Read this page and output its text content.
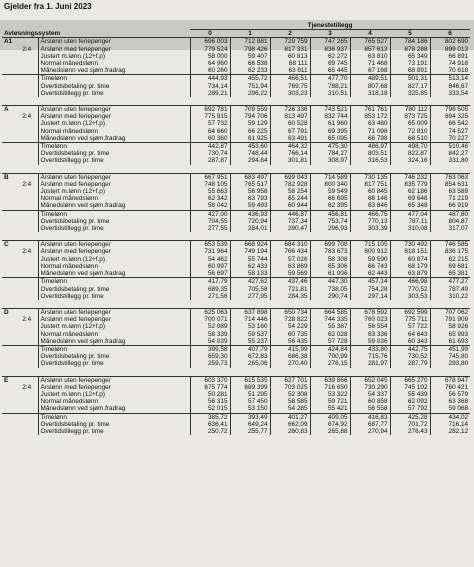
Gjelder fra 1. Juni 2023
			Tjenestetillegg						
Avløsningssystem			0	1	2	3	4	5	6
A1		Årslønn uten feriepenger	696 003	712 881	729 759	747 265	765 527	784 186	802 690
	2:4	Årslønn med feriepenger	779 524	798 426	817 331	836 937	857 613	878 288	899 013
		Justert m.lønn (12+f.p)	58 000	59 407	60 813	62 272	63 810	65 349	66 891
		Normal månedslønn	64 960	66 538	68 111	69 745	71 468	73 191	74 918
		Månedslønn ved sjøm.fradrag	60 260	62 233	63 811	65 445	67 168	68 891	70 618
		Timelønn	444,93	455,72	466,51	477,70	489,51	501,31	513,14
		Overtidsbetaling pr. time	734,14	751,94	769,75	788,21	807,68	827,17	846,67
		Overtidstillegg pr. time	289,21	296,22	303,23	310,51	318,18	325,85	333,54

A		Årslønn uten feriepenger	692 781	709 559	726 336	743 521	761 761	780 112	798 505
	2:4	Årslønn med feriepenger	775 915	794 706	813 497	832 744	853 172	873 725	894 325
		Justert m.lønn (12+f.p)	57 732	59 129	60 528	61 960	63 480	65 009	66 542
		Normal månedslønn	64 660	66 225	67 791	69 395	71 098	72 810	74 527
		Månedslønn ved sjøm.fradrag	60 360	61 925	63 491	65 095	66 798	68 510	70 227
		Timelønn	442,87	453,60	464,32	475,30	486,97	498,70	510,46
		Overtidsbetaling pr. time	730,74	748,44	766,14	784,27	803,51	822,87	842,27
		Overtidstillegg pr. time	287,87	294,84	301,81	308,97	316,53	324,16	331,80

B		Årslønn uten feriepenger	667 951	683 497	699 043	714 589	730 135	746 232	763 063
	2:4	Årslønn med feriepenger	748 105	765 517	782 928	800 340	817 751	835 779	854 631
		Justert m.lønn (12+f.p)	55 663	56 958	58 254	59 549	60 845	62 186	63 589
		Normal månedslønn	62 342	63 793	65 244	66 695	68 146	69 648	71 219
		Månedslønn ved sjøm.fradrag	58 042	59 493	60 944	62 395	63 846	65 348	66 919
		Timelønn	427,00	436,93	446,87	456,81	466,75	477,04	487,80
		Overtidsbetaling pr. time	704,55	720,94	737,34	753,74	770,13	787,11	804,87
		Overtidstillegg pr. time	277,55	284,01	290,47	296,93	303,39	310,08	317,07

C		Årslønn uten feriepenger	653 539	668 924	684 310	699 708	715 105	730 492	746 585
	2:4	Årslønn med feriepenger	731 964	749 194	766 434	783 673	800 912	818 151	836 175
		Justert m.lønn (12+f.p)	54 462	55 744	57 026	58 308	59 590	60 874	62 215
		Normal månedslønn	60 997	62 433	63 869	65 306	66 743	68 179	69 681
		Månedslønn ved sjøm.fradrag	56 697	58 133	59 569	61 006	62 443	63 879	65 381
		Timelønn	417,79	427,62	437,46	447,30	457,14	466,98	477,27
		Overtidsbetaling pr. time	689,35	705,58	721,81	738,05	754,28	770,52	787,49
		Overtidstillegg pr. time	271,56	277,95	284,35	290,74	297,14	303,53	310,22

D		Årslønn uten feriepenger	625 063	637 898	650 734	664 585	678 592	692 599	707 062
	2:4	Årslønn med feriepenger	700 071	714 446	728 822	744 335	760 023	775 711	791 909
		Justert m.lønn (12+f.p)	52 089	53 160	54 229	55 387	56 554	57 722	58 926
		Normal månedslønn	58 339	59 537	60 735	62 028	63 336	64 643	65 993
		Månedslønn ved sjøm.fradrag	54 039	55 237	56 435	57 728	59 036	60 343	61 693
		Timelønn	399,58	407,79	415,99	424,84	433,80	442,75	451,99
		Overtidsbetaling pr. time	659,30	672,83	686,38	700,99	715,76	730,52	745,80
		Overtidstillegg pr. time	259,73	265,06	270,40	276,15	281,97	287,79	293,80

E		Årslønn uten feriepenger	603 370	615 535	627 701	639 866	652 045	665 270	678 947
	2:4	Årslønn med feriepenger	675 774	689 399	703 025	716 650	730 290	745 102	760 421
		Justert m.lønn (12+f.p)	50 281	51 295	52 308	53 322	54 337	55 439	56 579
		Normal månedslønn	56 315	57 450	58 585	59 721	60 858	62 092	63 368
		Månedslønn ved sjøm.fradrag	52 015	53 150	54 285	55 421	56 558	57 792	59 068
		Timelønn	385,72	393,49	401,27	409,05	416,83	425,28	434,02
		Overtidsbetaling pr. time	636,41	649,24	662,09	674,92	687,77	701,72	716,14
		Overtidstillegg pr. time	250,72	255,77	260,83	265,88	270,94	276,43	282,12
